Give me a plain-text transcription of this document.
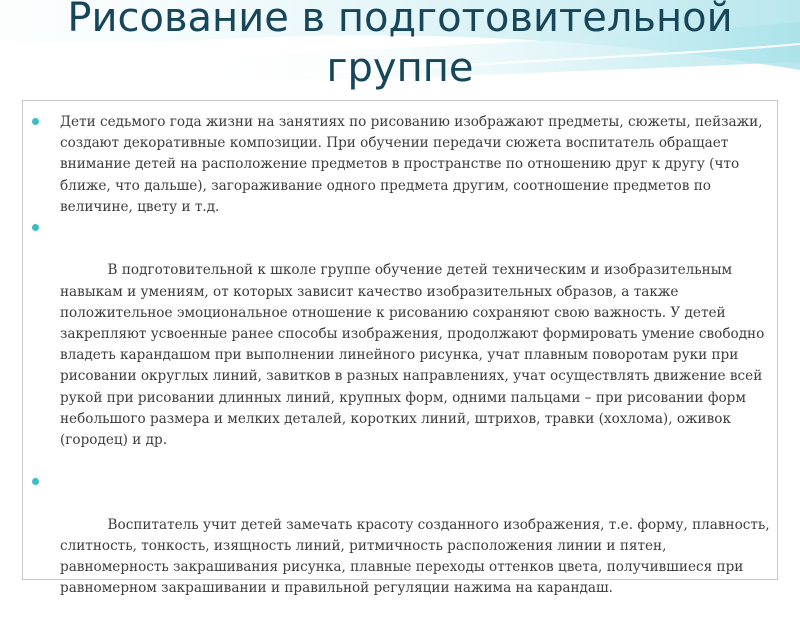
Рисование в подготовительной
группе
Дети седьмого года жизни на занятиях по рисованию изображают предметы, сюжеты, пейзажи, создают декоративные композиции. При обучении передачи сюжета воспитатель обращает внимание детей на расположение предметов в пространстве по отношению друг к другу (что ближе, что дальше), загораживание одного предмета другим, соотношение предметов по величине, цвету и т.д.

В подготовительной к школе группе обучение детей техническим и изобразительным навыкам и умениям, от которых зависит качество изобразительных образов, а также положительное эмоциональное отношение к рисованию сохраняют свою важность. У детей закрепляют усвоенные ранее способы изображения, продолжают формировать умение свободно владеть карандашом при выполнении линейного рисунка, учат плавным поворотам руки при рисовании округлых линий, завитков в разных направлениях, учат осуществлять движение всей рукой при рисовании длинных линий, крупных форм, одними пальцами – при рисовании форм небольшого размера и мелких деталей, коротких линий, штрихов, травки (хохлома), оживок (городец) и др.

Воспитатель учит детей замечать красоту созданного изображения, т.е. форму, плавность, слитность, тонкость, изящность линий, ритмичность расположения линии и пятен, равномерность закрашивания рисунка, плавные переходы оттенков цвета, получившиеся при равномерном закрашивании и правильной регуляции нажима на карандаш.
